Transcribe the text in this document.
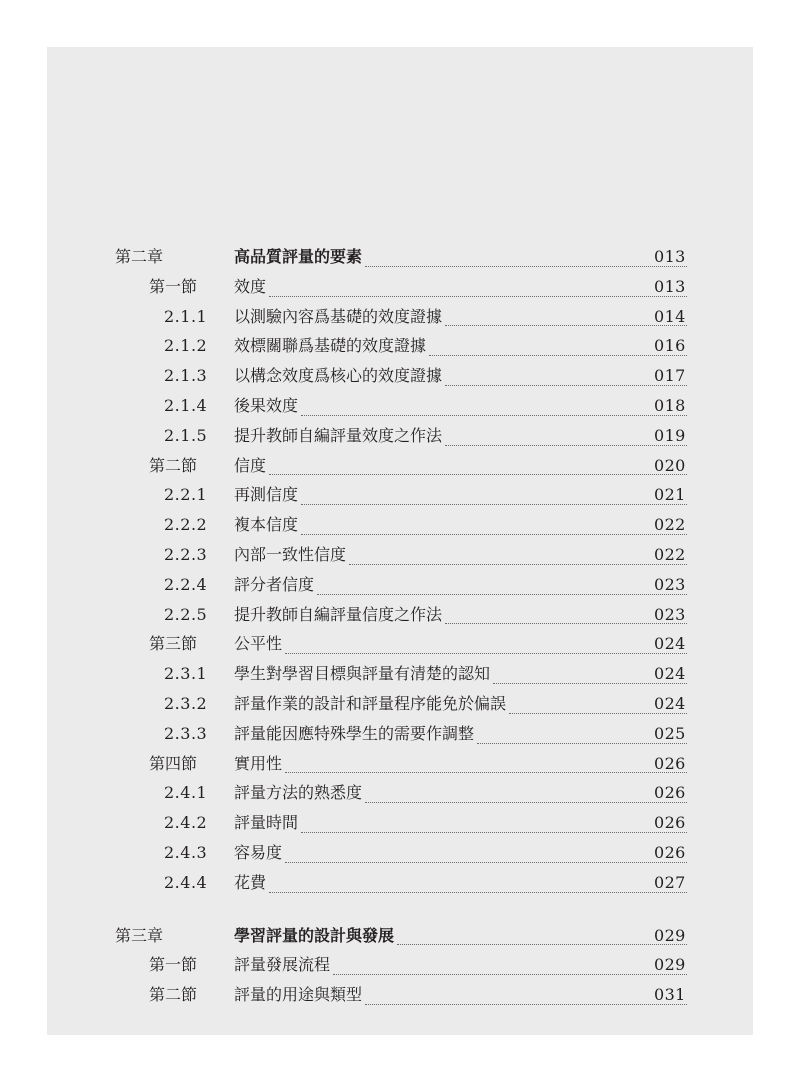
第二章	高品質評量的要素	013
第一節 效度	013
2.1.1 以測驗內容爲基礎的效度證據	014
2.1.2 效標關聯爲基礎的效度證據	016
2.1.3 以構念效度爲核心的效度證據	017
2.1.4 後果效度	018
2.1.5 提升教師自編評量效度之作法	019
第二節 信度	020
2.2.1 再測信度	021
2.2.2 複本信度	022
2.2.3 內部一致性信度	022
2.2.4 評分者信度	023
2.2.5 提升教師自編評量信度之作法	023
第三節 公平性	024
2.3.1 學生對學習目標與評量有清楚的認知	024
2.3.2 評量作業的設計和評量程序能免於偏誤	024
2.3.3 評量能因應特殊學生的需要作調整	025
第四節 實用性	026
2.4.1 評量方法的熟悉度	026
2.4.2 評量時間	026
2.4.3 容易度	026
2.4.4 花費	027
第三章	學習評量的設計與發展	029
第一節 評量發展流程	029
第二節 評量的用途與類型	031
